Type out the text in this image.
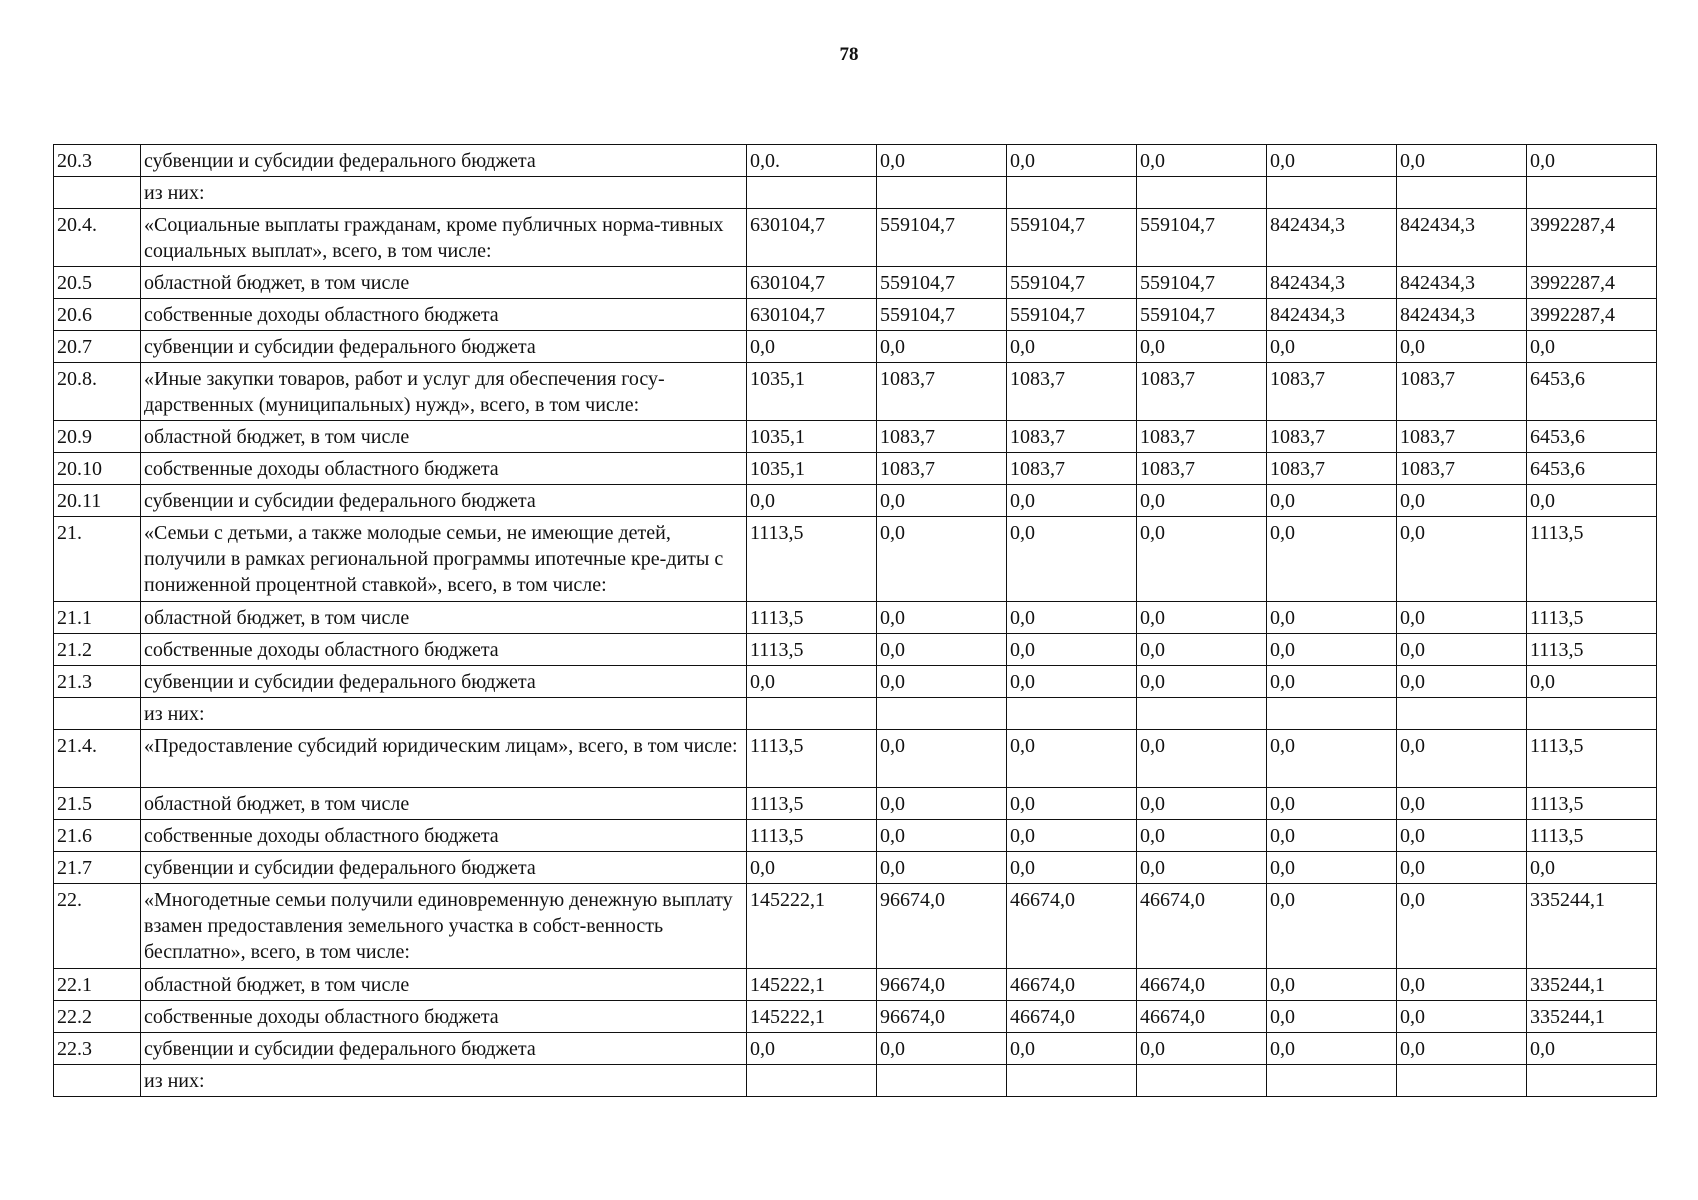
78
20.3	субвенции и субсидии федерального бюджета	0,0.	0,0	0,0	0,0	0,0	0,0	0,0
	из них:							
20.4.	«Социальные выплаты гражданам, кроме публичных норма-тивных социальных выплат», всего, в том числе:	630104,7	559104,7	559104,7	559104,7	842434,3	842434,3	3992287,4
20.5	областной бюджет, в том числе	630104,7	559104,7	559104,7	559104,7	842434,3	842434,3	3992287,4
20.6	собственные доходы областного бюджета	630104,7	559104,7	559104,7	559104,7	842434,3	842434,3	3992287,4
20.7	субвенции и субсидии федерального бюджета	0,0	0,0	0,0	0,0	0,0	0,0	0,0
20.8.	«Иные закупки товаров, работ и услуг для обеспечения госу-дарственных (муниципальных) нужд», всего, в том числе:	1035,1	1083,7	1083,7	1083,7	1083,7	1083,7	6453,6
20.9	областной бюджет, в том числе	1035,1	1083,7	1083,7	1083,7	1083,7	1083,7	6453,6
20.10	собственные доходы областного бюджета	1035,1	1083,7	1083,7	1083,7	1083,7	1083,7	6453,6
20.11	субвенции и субсидии федерального бюджета	0,0	0,0	0,0	0,0	0,0	0,0	0,0
21.	«Семьи с детьми, а также молодые семьи, не имеющие детей, получили в рамках региональной программы ипотечные кре-диты с пониженной процентной ставкой», всего, в том числе:	1113,5	0,0	0,0	0,0	0,0	0,0	1113,5
21.1	областной бюджет, в том числе	1113,5	0,0	0,0	0,0	0,0	0,0	1113,5
21.2	собственные доходы областного бюджета	1113,5	0,0	0,0	0,0	0,0	0,0	1113,5
21.3	субвенции и субсидии федерального бюджета	0,0	0,0	0,0	0,0	0,0	0,0	0,0
	из них:							
21.4.	«Предоставление субсидий юридическим лицам», всего, в том числе:	1113,5	0,0	0,0	0,0	0,0	0,0	1113,5
21.5	областной бюджет, в том числе	1113,5	0,0	0,0	0,0	0,0	0,0	1113,5
21.6	собственные доходы областного бюджета	1113,5	0,0	0,0	0,0	0,0	0,0	1113,5
21.7	субвенции и субсидии федерального бюджета	0,0	0,0	0,0	0,0	0,0	0,0	0,0
22.	«Многодетные семьи получили единовременную денежную выплату взамен предоставления земельного участка в собст-венность бесплатно», всего, в том числе:	145222,1	96674,0	46674,0	46674,0	0,0	0,0	335244,1
22.1	областной бюджет, в том числе	145222,1	96674,0	46674,0	46674,0	0,0	0,0	335244,1
22.2	собственные доходы областного бюджета	145222,1	96674,0	46674,0	46674,0	0,0	0,0	335244,1
22.3	субвенции и субсидии федерального бюджета	0,0	0,0	0,0	0,0	0,0	0,0	0,0
	из них:							
